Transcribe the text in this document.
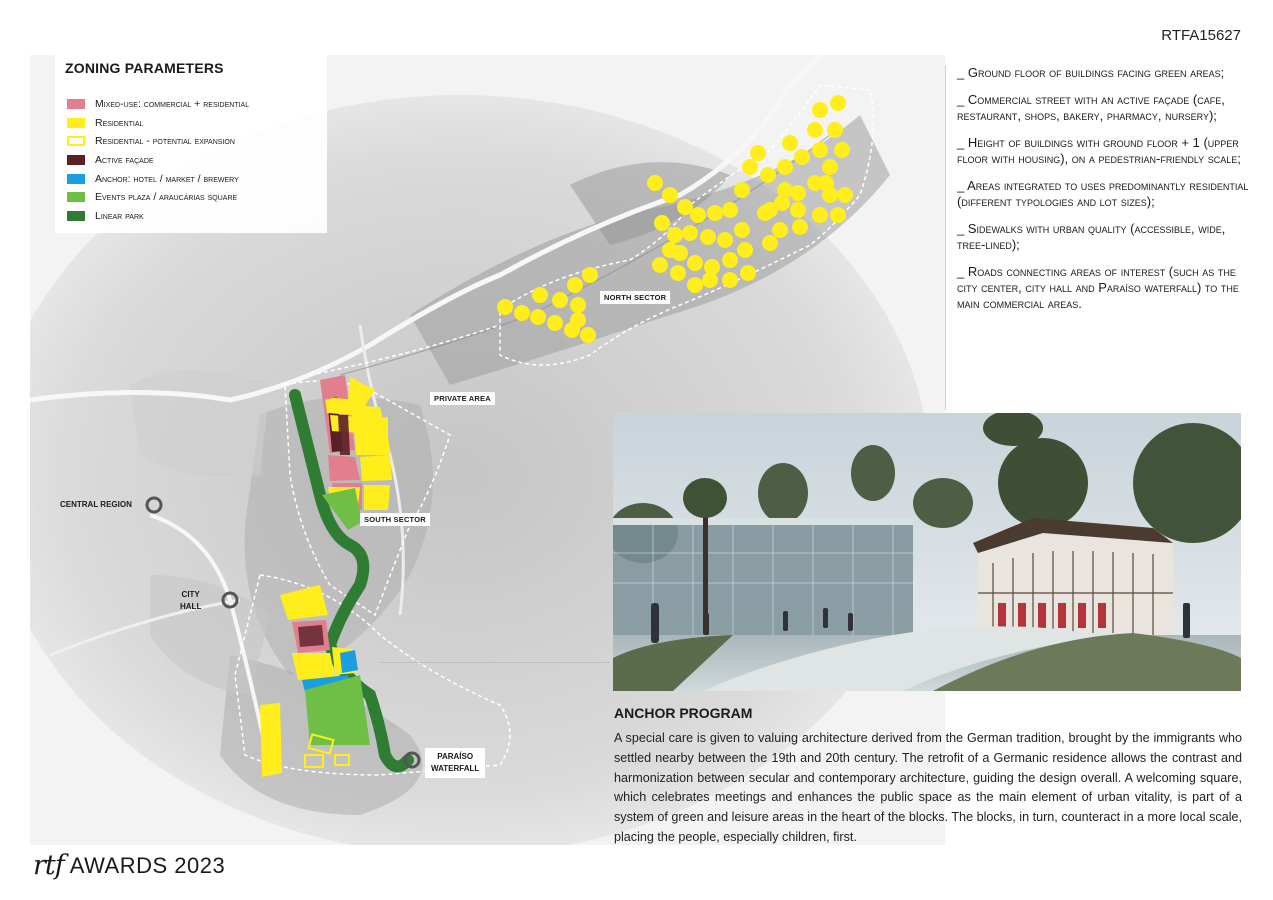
RTFA15627
NORTH SECTOR
PRIVATE AREA
SOUTH SECTOR
CENTRAL REGION
CITY
HALL
PARAÍSO
WATERFALL
ZONING PARAMETERS
Mixed-use: commercial + residential
Residential
Residential - potential expansion
Active façade
Anchor: hotel / market / brewery
Events plaza / araucárias square
Linear park
_ Ground floor of buildings facing green areas;
_ Commercial street with an active façade (cafe, restaurant, shops, bakery, pharmacy, nursery);
_ Height of buildings with ground floor + 1 (upper floor with housing), on a pedestrian-friendly scale;
_ Areas integrated to uses predominantly residential (different typologies and lot sizes);
_ Sidewalks with urban quality (accessible, wide, tree-lined);
_ Roads connecting areas of interest (such as the city center, city hall and Paraíso waterfall) to the main commercial areas.
ANCHOR PROGRAM
A special care is given to valuing architecture derived from the German tradition, brought by the immigrants who settled nearby between the 19th and 20th century. The retrofit of a Germanic residence allows the contrast and harmonization between secular and contemporary architecture, guiding the design overall. A welcoming square, which celebrates meetings and enhances the public space as the main element of urban vitality, is part of a system of green and leisure areas in the heart of the blocks. The blocks, in turn, counteract in a more local scale, placing the people, especially children, first.
rtf AWARDS 2023
